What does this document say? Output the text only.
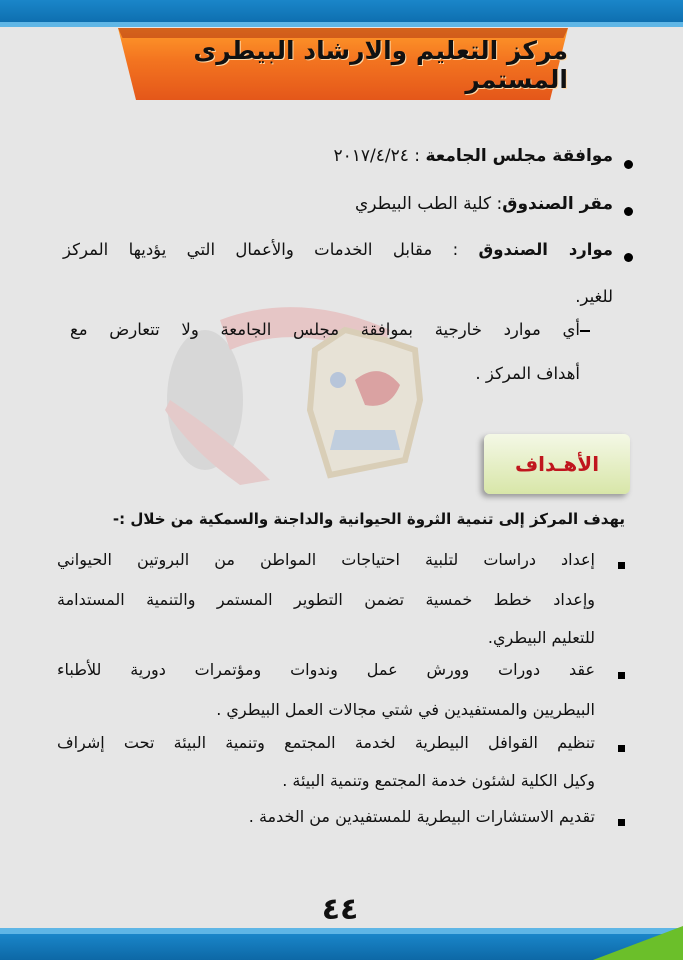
مركز التعليم والارشاد البيطرى المستمر
موافقة مجلس الجامعة : ٢٠١٧/٤/٢٤
مقر الصندوق: كلية الطب البيطري
موارد الصندوق : مقابل الخدمات والأعمال التي يؤديها المركز
للغير.
أي موارد خارجية بموافقة مجلس الجامعة ولا تتعارض مع
أهداف المركز .
الأهـداف
يهدف المركز إلى تنمية الثروة الحيوانية والداجنة والسمكية من خلال :-
إعداد دراسات لتلبية احتياجات المواطن من البروتين الحيواني
وإعداد خطط خمسية تضمن التطوير المستمر والتنمية المستدامة
للتعليم البيطري.
عقد دورات وورش عمل وندوات ومؤتمرات دورية للأطباء
البيطريين والمستفيدين في شتي مجالات العمل البيطري .
تنظيم القوافل البيطرية لخدمة المجتمع وتنمية البيئة تحت إشراف
وكيل الكلية لشئون خدمة المجتمع وتنمية البيئة .
تقديم الاستشارات البيطرية للمستفيدين من الخدمة .
٤٤
